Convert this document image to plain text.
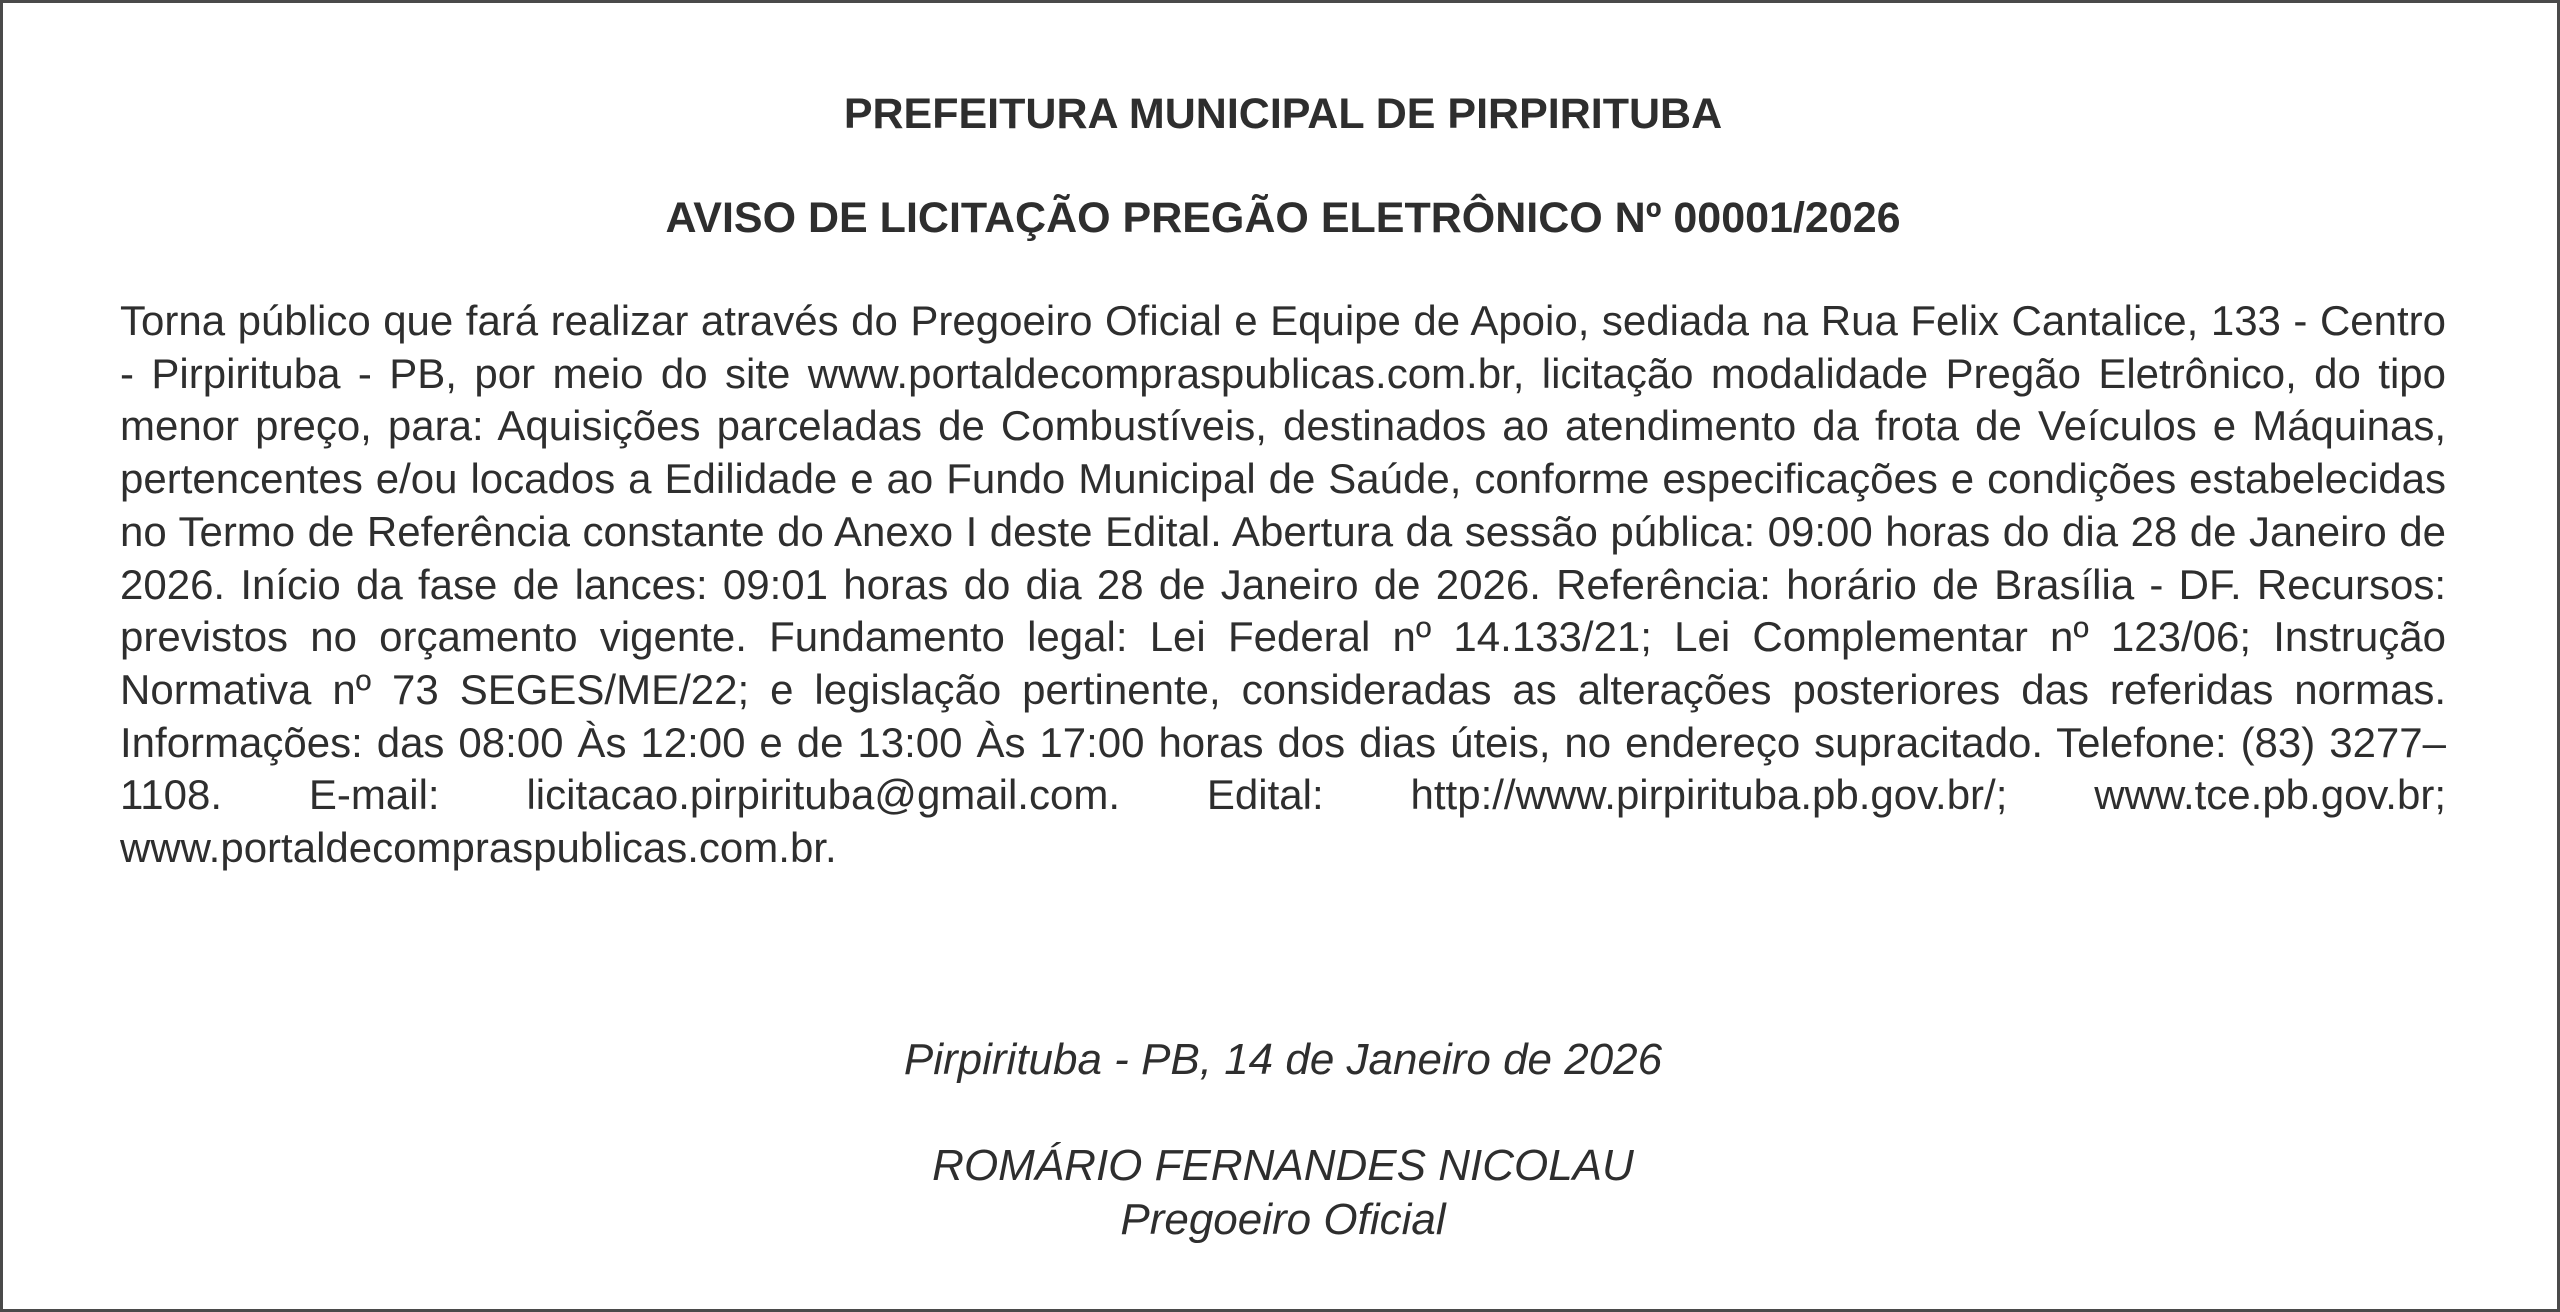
PREFEITURA MUNICIPAL DE PIRPIRITUBA
AVISO DE LICITAÇÃO PREGÃO ELETRÔNICO Nº 00001/2026

Torna público que fará realizar através do Pregoeiro Oficial e Equipe de Apoio, sediada na Rua Felix Cantalice, 133 - Centro - Pirpirituba - PB, por meio do site www.portaldecompraspublicas.com.br, licitação modalidade Pregão Eletrônico, do tipo menor preço, para: Aquisições parceladas de Combustíveis, destinados ao atendimento da frota de Veículos e Máquinas, pertencentes e/ou locados a Edilidade e ao Fundo Municipal de Saúde, conforme especificações e condições estabelecidas no Termo de Referência constante do Anexo I deste Edital. Abertura da sessão pública: 09:00 horas do dia 28 de Janeiro de 2026. Início da fase de lances: 09:01 horas do dia 28 de Janeiro de 2026. Referência: horário de Brasília - DF. Recursos: previstos no orçamento vigente. Fundamento legal: Lei Federal nº 14.133/21; Lei Complementar nº 123/06; Instrução Normativa nº 73 SEGES/ME/22; e legislação pertinente, consideradas as alterações posteriores das referidas normas. Informações: das 08:00 Às 12:00 e de 13:00 Às 17:00 horas dos dias úteis, no endereço supracitado. Telefone: (83) 3277–1108. E-mail: licitacao.pirpirituba@gmail.com. Edital: http://www.pirpirituba.pb.gov.br/; www.tce.pb.gov.br; www.portaldecompraspublicas.com.br.

Pirpirituba - PB, 14 de Janeiro de 2026

ROMÁRIO FERNANDES NICOLAU

Pregoeiro Oficial
